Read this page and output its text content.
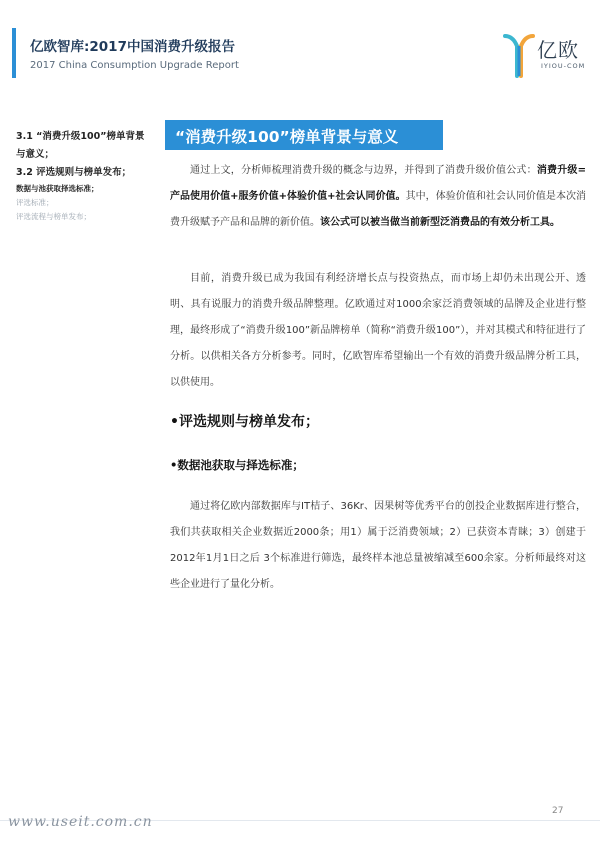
亿欧智库:2017中国消费升级报告
2017 China Consumption Upgrade Report
亿欧
IYIOU-COM
3.1 “消费升级100”榜单背景
与意义；
3.2 评选规则与榜单发布；
数据与池获取择选标准；
评选标准；
评选流程与榜单发布；
“消费升级100”榜单背景与意义

通过上文，分析师梳理消费升级的概念与边界，并得到了消费升级价值公式：消费升级=产品使用价值+服务价值+体验价值+社会认同价值。其中，体验价值和社会认同价值是本次消费升级赋予产品和品牌的新价值。该公式可以被当做当前新型泛消费品的有效分析工具。

目前，消费升级已成为我国有利经济增长点与投资热点，而市场上却仍未出现公开、透明、具有说服力的消费升级品牌整理。亿欧通过对1000余家泛消费领域的品牌及企业进行整理，最终形成了“消费升级100”新品牌榜单（简称“消费升级100”），并对其模式和特征进行了分析。以供相关各方分析参考。同时，亿欧智库希望输出一个有效的消费升级品牌分析工具，以供使用。

•评选规则与榜单发布；
•数据池获取与择选标准；

通过将亿欧内部数据库与IT桔子、36Kr、因果树等优秀平台的创投企业数据库进行整合，我们共获取相关企业数据近2000条；用1）属于泛消费领域；2）已获资本青睐；3）创建于2012年1月1日之后 3个标准进行筛选，最终样本池总量被缩减至600余家。分析师最终对这些企业进行了量化分析。

27
www.useit.com.cn
